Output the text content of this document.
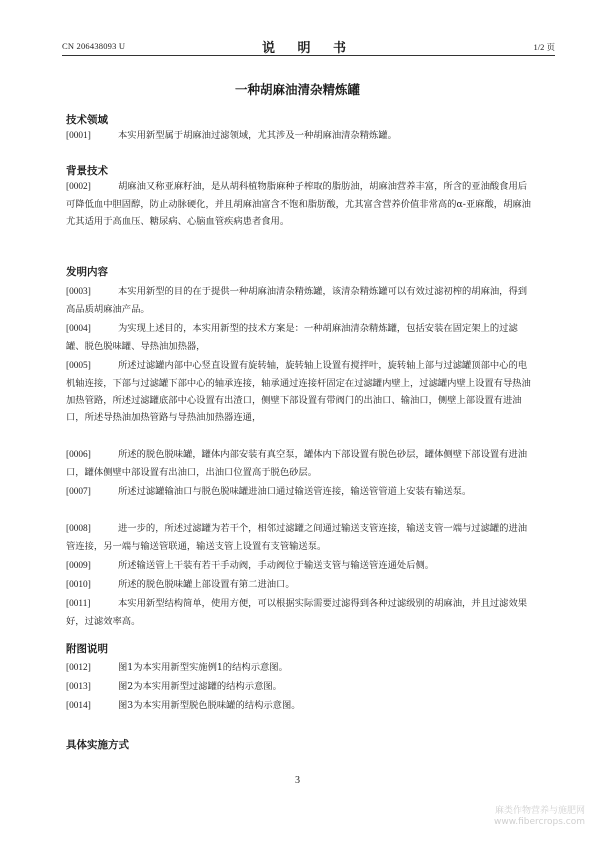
CN 206438093 U	说 明 书	1/2 页
一种胡麻油清杂精炼罐
技术领域
[0001]	本实用新型属于胡麻油过滤领域，尤其涉及一种胡麻油清杂精炼罐。
背景技术
[0002]	胡麻油又称亚麻籽油，是从胡科植物脂麻种子榨取的脂肪油，胡麻油营养丰富，所含的亚油酸食用后可降低血中胆固醇，防止动脉硬化，并且胡麻油富含不饱和脂肪酸，尤其富含营养价值非常高的α-亚麻酸，胡麻油尤其适用于高血压、糖尿病、心脑血管疾病患者食用。
发明内容
[0003]	本实用新型的目的在于提供一种胡麻油清杂精炼罐，该清杂精炼罐可以有效过滤初榨的胡麻油，得到高品质胡麻油产品。
[0004]	为实现上述目的，本实用新型的技术方案是：一种胡麻油清杂精炼罐，包括安装在固定架上的过滤罐、脱色脱味罐、导热油加热器，
[0005]	所述过滤罐内部中心竖直设置有旋转轴，旋转轴上设置有搅拌叶，旋转轴上部与过滤罐顶部中心的电机轴连接，下部与过滤罐下部中心的轴承连接，轴承通过连接杆固定在过滤罐内壁上，过滤罐内壁上设置有导热油加热管路，所述过滤罐底部中心设置有出渣口，侧壁下部设置有带阀门的出油口、输油口，侧壁上部设置有进油口，所述导热油加热管路与导热油加热器连通，
[0006]	所述的脱色脱味罐，罐体内部安装有真空泵，罐体内下部设置有脱色砂层，罐体侧壁下部设置有进油口，罐体侧壁中部设置有出油口，出油口位置高于脱色砂层。
[0007]	所述过滤罐输油口与脱色脱味罐进油口通过输送管连接，输送管管道上安装有输送泵。
[0008]	进一步的，所述过滤罐为若干个，相邻过滤罐之间通过输送支管连接，输送支管一端与过滤罐的进油管连接，另一端与输送管联通，输送支管上设置有支管输送泵。
[0009]	所述输送管上干装有若干手动阀，手动阀位于输送支管与输送管连通处后侧。
[0010]	所述的脱色脱味罐上部设置有第二进油口。
[0011]	本实用新型结构简单，使用方便，可以根据实际需要过滤得到各种过滤级别的胡麻油，并且过滤效果好，过滤效率高。
附图说明
[0012]	图1为本实用新型实施例1的结构示意图。
[0013]	图2为本实用新型过滤罐的结构示意图。
[0014]	图3为本实用新型脱色脱味罐的结构示意图。
具体实施方式
3
麻类作物营养与施肥网
www.fibercrops.com
